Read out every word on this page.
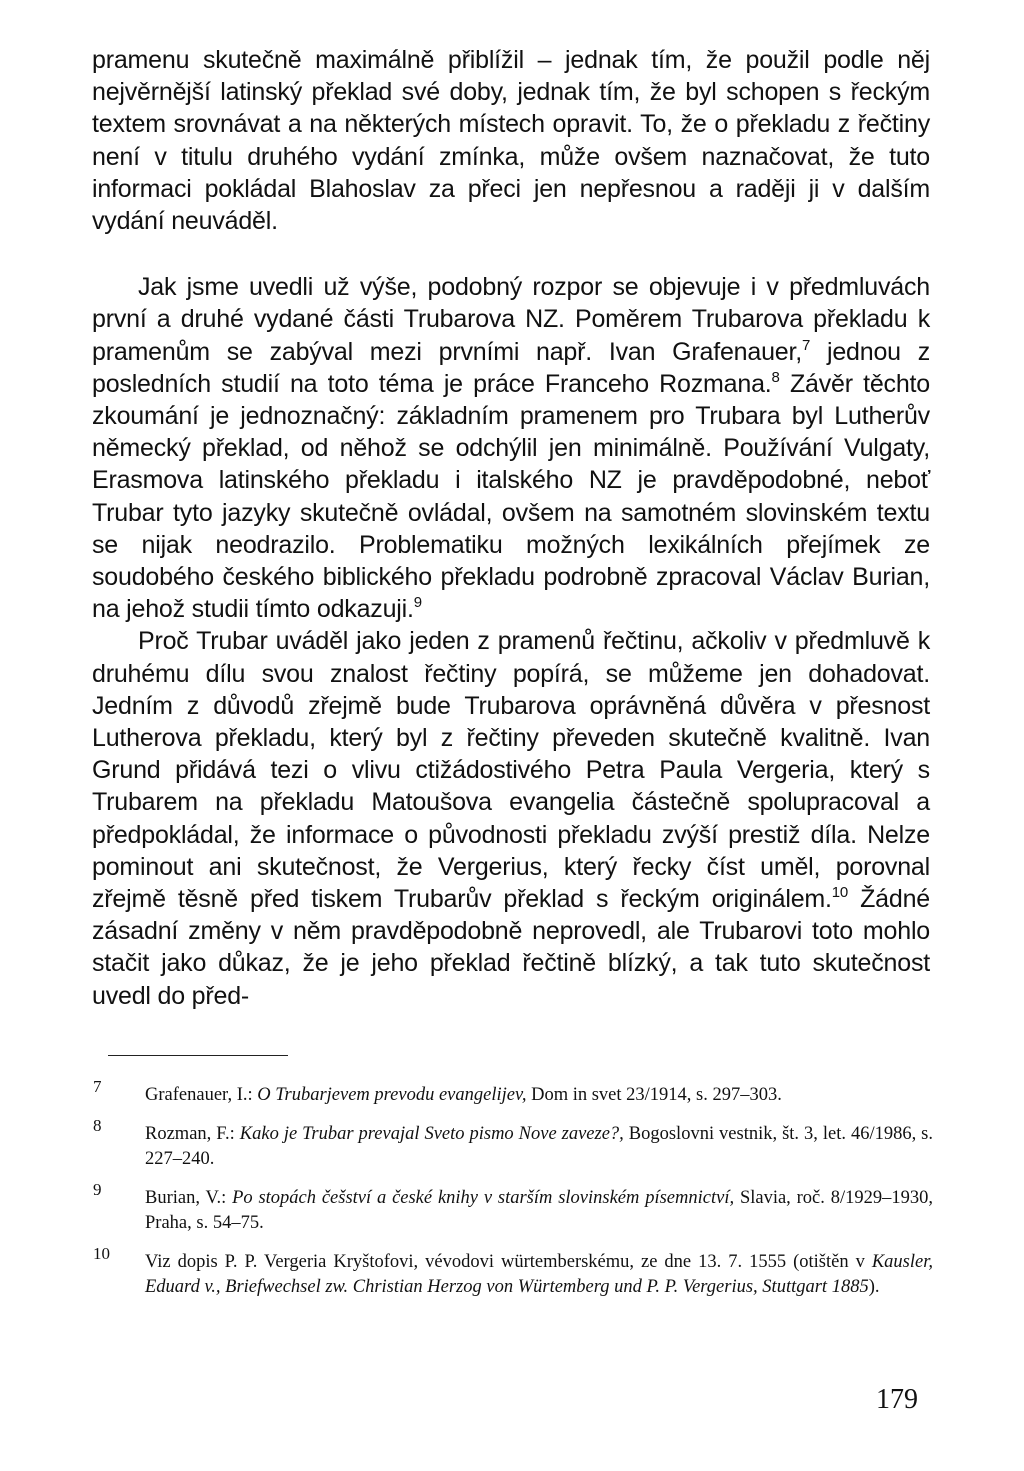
pramenu skutečně maximálně přiblížil – jednak tím, že použil podle něj nejvěrnější latinský překlad své doby, jednak tím, že byl schopen s řeckým textem srovnávat a na některých místech opravit. To, že o překladu z řečtiny není v titulu druhého vydání zmínka, může ovšem naznačovat, že tuto informaci pokládal Blahoslav za přeci jen nepřesnou a raději ji v dalším vydání neuváděl.

Jak jsme uvedli už výše, podobný rozpor se objevuje i v předmluvách první a druhé vydané části Trubarova NZ. Poměrem Trubarova překladu k pramenům se zabýval mezi prvními např. Ivan Grafenauer,$^7$ jednou z posledních studií na toto téma je práce Franceho Rozmana.$^8$ Závěr těchto zkoumání je jednoznačný: základním pramenem pro Trubara byl Lutherův německý překlad, od něhož se odchýlil jen minimálně. Používání Vulgaty, Erasmova latinského překladu i italského NZ je pravděpodobné, neboť Trubar tyto jazyky skutečně ovládal, ovšem na samotném slovinském textu se nijak neodrazilo. Problematiku možných lexikálních přejímek ze soudobého českého biblického překladu podrobně zpracoval Václav Burian, na jehož studii tímto odkazuji.$^9$

Proč Trubar uváděl jako jeden z pramenů řečtinu, ačkoliv v předmluvě k druhému dílu svou znalost řečtiny popírá, se můžeme jen dohadovat. Jedním z důvodů zřejmě bude Trubarova oprávněná důvěra v přesnost Lutherova překladu, který byl z řečtiny převeden skutečně kvalitně. Ivan Grund přidává tezi o vlivu ctižádostivého Petra Paula Vergeria, který s Trubarem na překladu Matoušova evangelia částečně spolupracoval a předpokládal, že informace o původnosti překladu zvýší prestiž díla. Nelze pominout ani skutečnost, že Vergerius, který řecky číst uměl, porovnal zřejmě těsně před tiskem Trubarův překlad s řeckým originálem.$^{10}$ Žádné zásadní změny v něm pravděpodobně neprovedl, ale Trubarovi toto mohlo stačit jako důkaz, že je jeho překlad řečtině blízký, a tak tuto skutečnost uvedl do před-

7 Grafenauer, I.: O Trubarjevem prevodu evangelijev, Dom in svet 23/1914, s. 297–303.

8 Rozman, F.: Kako je Trubar prevajal Sveto pismo Nove zaveze?, Bogoslovni vestnik, št. 3, let. 46/1986, s. 227–240.

9 Burian, V.: Po stopách češství a české knihy v starším slovinském písemnictví, Slavia, roč. 8/1929–1930, Praha, s. 54–75.

10 Viz dopis P. P. Vergeria Kryštofovi, vévodovi würtemberskému, ze dne 13. 7. 1555 (otištěn v Kausler, Eduard v., Briefwechsel zw. Christian Herzog von Würtemberg und P. P. Vergerius, Stuttgart 1885).

179
